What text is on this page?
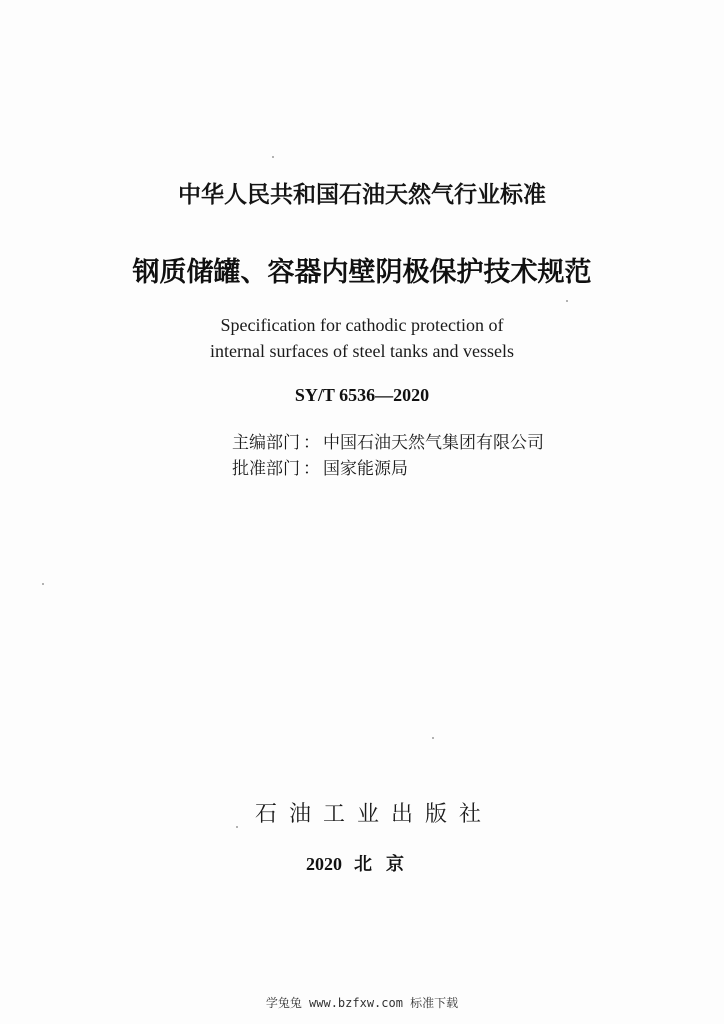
中华人民共和国石油天然气行业标准
钢质储罐、容器内壁阴极保护技术规范
Specification for cathodic protection of
internal surfaces of steel tanks and vessels
SY/T 6536—2020
主编部门 ： 中国石油天然气集团有限公司
批准部门 ： 国家能源局
石油工业出版社
2020 北京
学兔兔 www.bzfxw.com 标准下载
